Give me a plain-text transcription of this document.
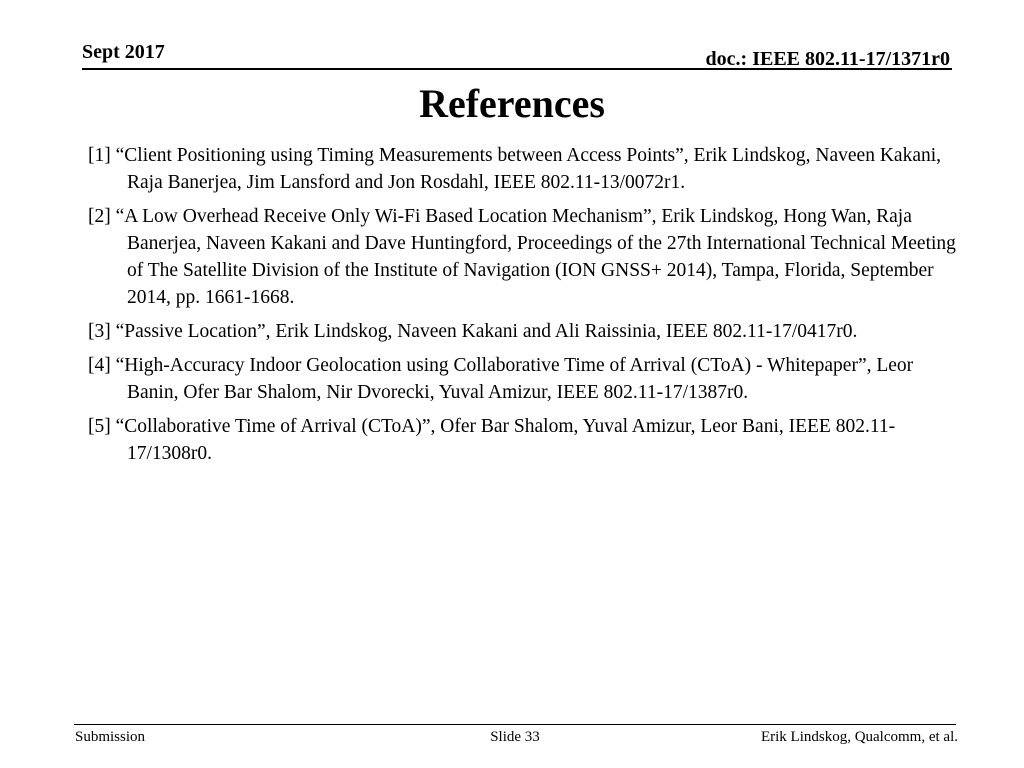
Sept 2017	doc.: IEEE 802.11-17/1371r0
References
[1] “Client Positioning using Timing Measurements between Access Points”, Erik Lindskog, Naveen Kakani, Raja Banerjea, Jim Lansford and Jon Rosdahl, IEEE 802.11-13/0072r1.
[2] “A Low Overhead Receive Only Wi-Fi Based Location Mechanism”, Erik Lindskog, Hong Wan, Raja Banerjea, Naveen Kakani and Dave Huntingford, Proceedings of the 27th International Technical Meeting of The Satellite Division of the Institute of Navigation (ION GNSS+ 2014), Tampa, Florida, September 2014, pp. 1661-1668.
[3] “Passive Location”, Erik Lindskog, Naveen Kakani and Ali Raissinia, IEEE 802.11-17/0417r0.
[4] “High-Accuracy Indoor Geolocation using Collaborative Time of Arrival (CToA) - Whitepaper”, Leor Banin, Ofer Bar Shalom, Nir Dvorecki, Yuval Amizur, IEEE 802.11-17/1387r0.
[5] “Collaborative Time of Arrival (CToA)”, Ofer Bar Shalom, Yuval Amizur, Leor Bani, IEEE 802.11-17/1308r0.
Submission	Slide 33	Erik Lindskog, Qualcomm, et al.
